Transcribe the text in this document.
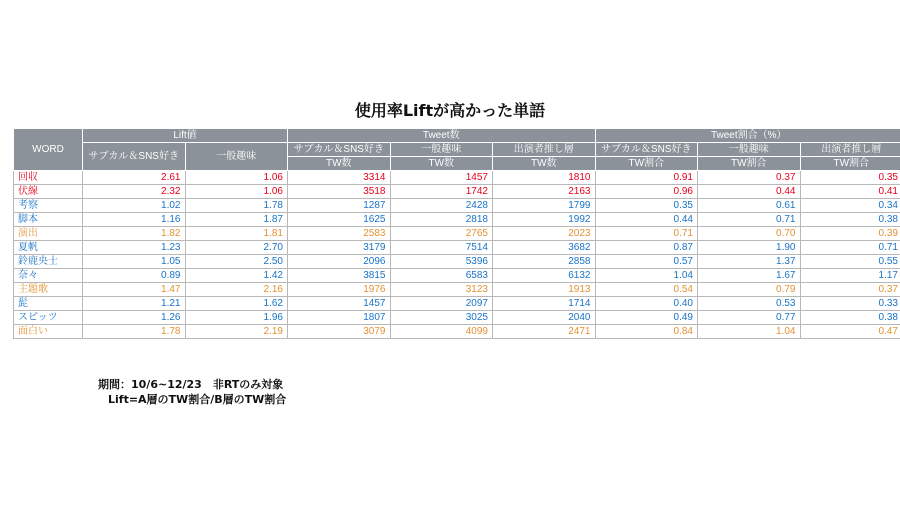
使用率Liftが高かった単語
WORD	Lift値		Tweet数			Tweet割合（%）		
	サブカル＆SNS好き	一般趣味	サブカル＆SNS好き	一般趣味	出演者推し層	サブカル＆SNS好き	一般趣味	出演者推し層
			TW数	TW数	TW数	TW割合	TW割合	TW割合
回収	2.61	1.06	3314	1457	1810	0.91	0.37	0.35
伏線	2.32	1.06	3518	1742	2163	0.96	0.44	0.41
考察	1.02	1.78	1287	2428	1799	0.35	0.61	0.34
脚本	1.16	1.87	1625	2818	1992	0.44	0.71	0.38
演出	1.82	1.81	2583	2765	2023	0.71	0.70	0.39
夏帆	1.23	2.70	3179	7514	3682	0.87	1.90	0.71
鈴鹿央士	1.05	2.50	2096	5396	2858	0.57	1.37	0.55
奈々	0.89	1.42	3815	6583	6132	1.04	1.67	1.17
主題歌	1.47	2.16	1976	3123	1913	0.54	0.79	0.37
髭	1.21	1.62	1457	2097	1714	0.40	0.53	0.33
スピッツ	1.26	1.96	1807	3025	2040	0.49	0.77	0.38
面白い	1.78	2.19	3079	4099	2471	0.84	1.04	0.47
期間：10/6~12/23　非RTのみ対象
Lift=A層のTW割合/B層のTW割合
